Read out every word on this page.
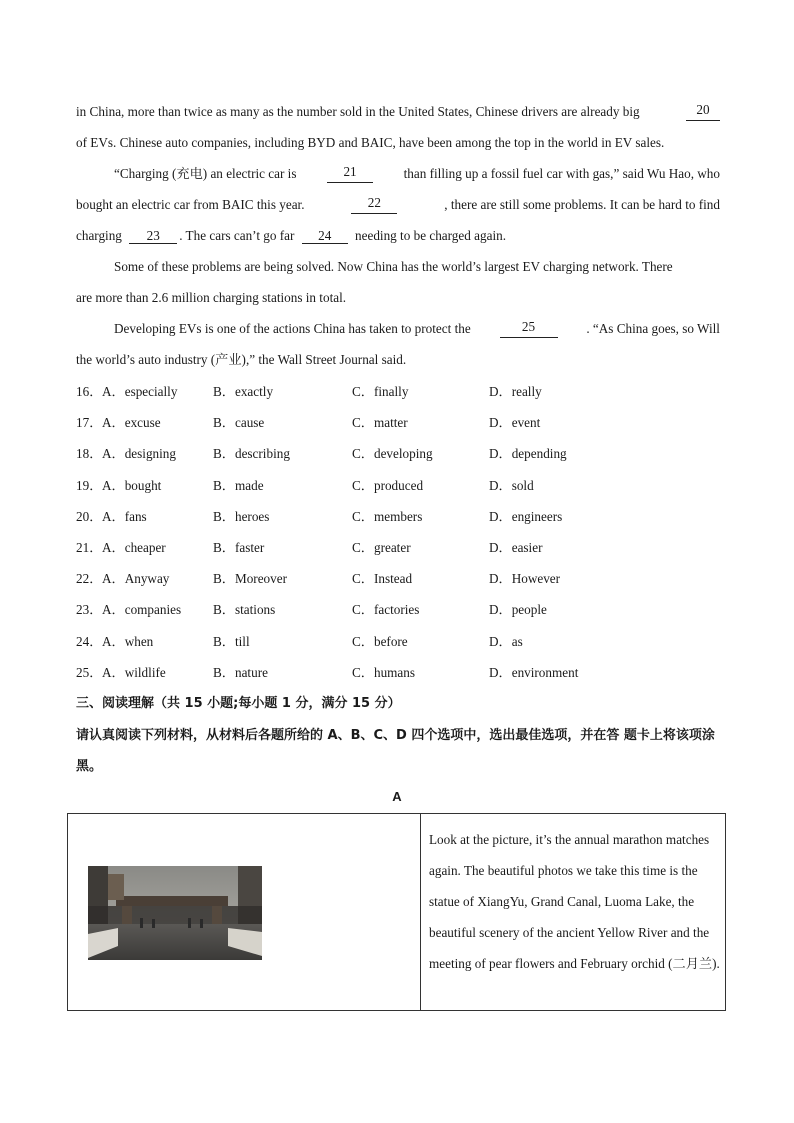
in China, more than twice as many as the number sold in the United States, Chinese drivers are already big	20
of EVs. Chinese auto companies, including BYD and BAIC, have been among the top in the world in EV sales.
“Charging (充电) an electric car is	21	than filling up a fossil fuel car with gas,” said Wu Hao, who
bought an electric car from BAIC this year.	22	, there are still some problems. It can be hard to find
charging 23 . The cars can’t go far 24 needing to be charged again.
Some of these problems are being solved. Now China has the world’s largest EV charging network. There
are more than 2.6 million charging stations in total.
Developing EVs is one of the actions China has taken to protect the	25	. “As China goes, so Will
the world’s auto industry (产业),” the Wall Street Journal said.
16． A．especially	B．exactly	C．finally	D．really
17． A．excuse	B．cause	C．matter	D．event
18． A．designing	B．describing	C．developing	D．depending
19． A．bought	B．made	C．produced	D．sold
20． A．fans	B．heroes	C．members	D．engineers
21． A．cheaper	B．faster	C．greater	D．easier
22． A．Anyway	B．Moreover	C．Instead	D．However
23． A．companies B．stations	C．factories	D．people
24． A．when	B．till	C．before	D．as
25． A．wildlife	B．nature	C．humans	D．environment
三、阅读理解（共 15 小题;每小题 1 分，满分 15 分）
请认真阅读下列材料，从材料后各题所给的 A、B、C、D 四个选项中，选出最佳选项，并在答 题卡上将该项涂黑。
A
Look at the picture, it’s the annual marathon matches again. The beautiful photos we take this time is the statue of XiangYu, Grand Canal, Luoma Lake, the beautiful scenery of the ancient Yellow River and the meeting of pear flowers and February orchid (二月兰).
